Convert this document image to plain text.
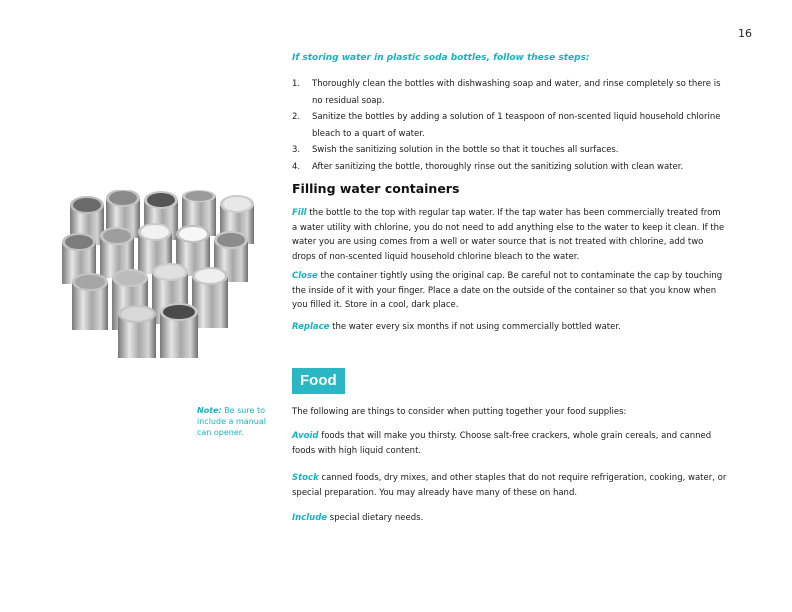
16
If storing water in plastic soda bottles, follow these steps:
1. Thoroughly clean the bottles with dishwashing soap and water, and rinse completely so there is no residual soap.
2. Sanitize the bottles by adding a solution of 1 teaspoon of non-scented liquid household chlorine bleach to a quart of water.
3. Swish the sanitizing solution in the bottle so that it touches all surfaces.
4. After sanitizing the bottle, thoroughly rinse out the sanitizing solution with clean water.
Filling water containers

Fill the bottle to the top with regular tap water. If the tap water has been commercially treated from a water utility with chlorine, you do not need to add anything else to the water to keep it clean. If the water you are using comes from a well or water source that is not treated with chlorine, add two drops of non-scented liquid household chlorine bleach to the water.

Close the container tightly using the original cap. Be careful not to contaminate the cap by touching the inside of it with your finger. Place a date on the outside of the container so that you know when you filled it. Store in a cool, dark place.

Replace the water every six months if not using commercially bottled water.

Food
Note: Be sure to include a manual can opener.

The following are things to consider when putting together your food supplies:

Avoid foods that will make you thirsty. Choose salt-free crackers, whole grain cereals, and canned foods with high liquid content.

Stock canned foods, dry mixes, and other staples that do not require refrigeration, cooking, water, or special preparation. You may already have many of these on hand.

Include special dietary needs.
